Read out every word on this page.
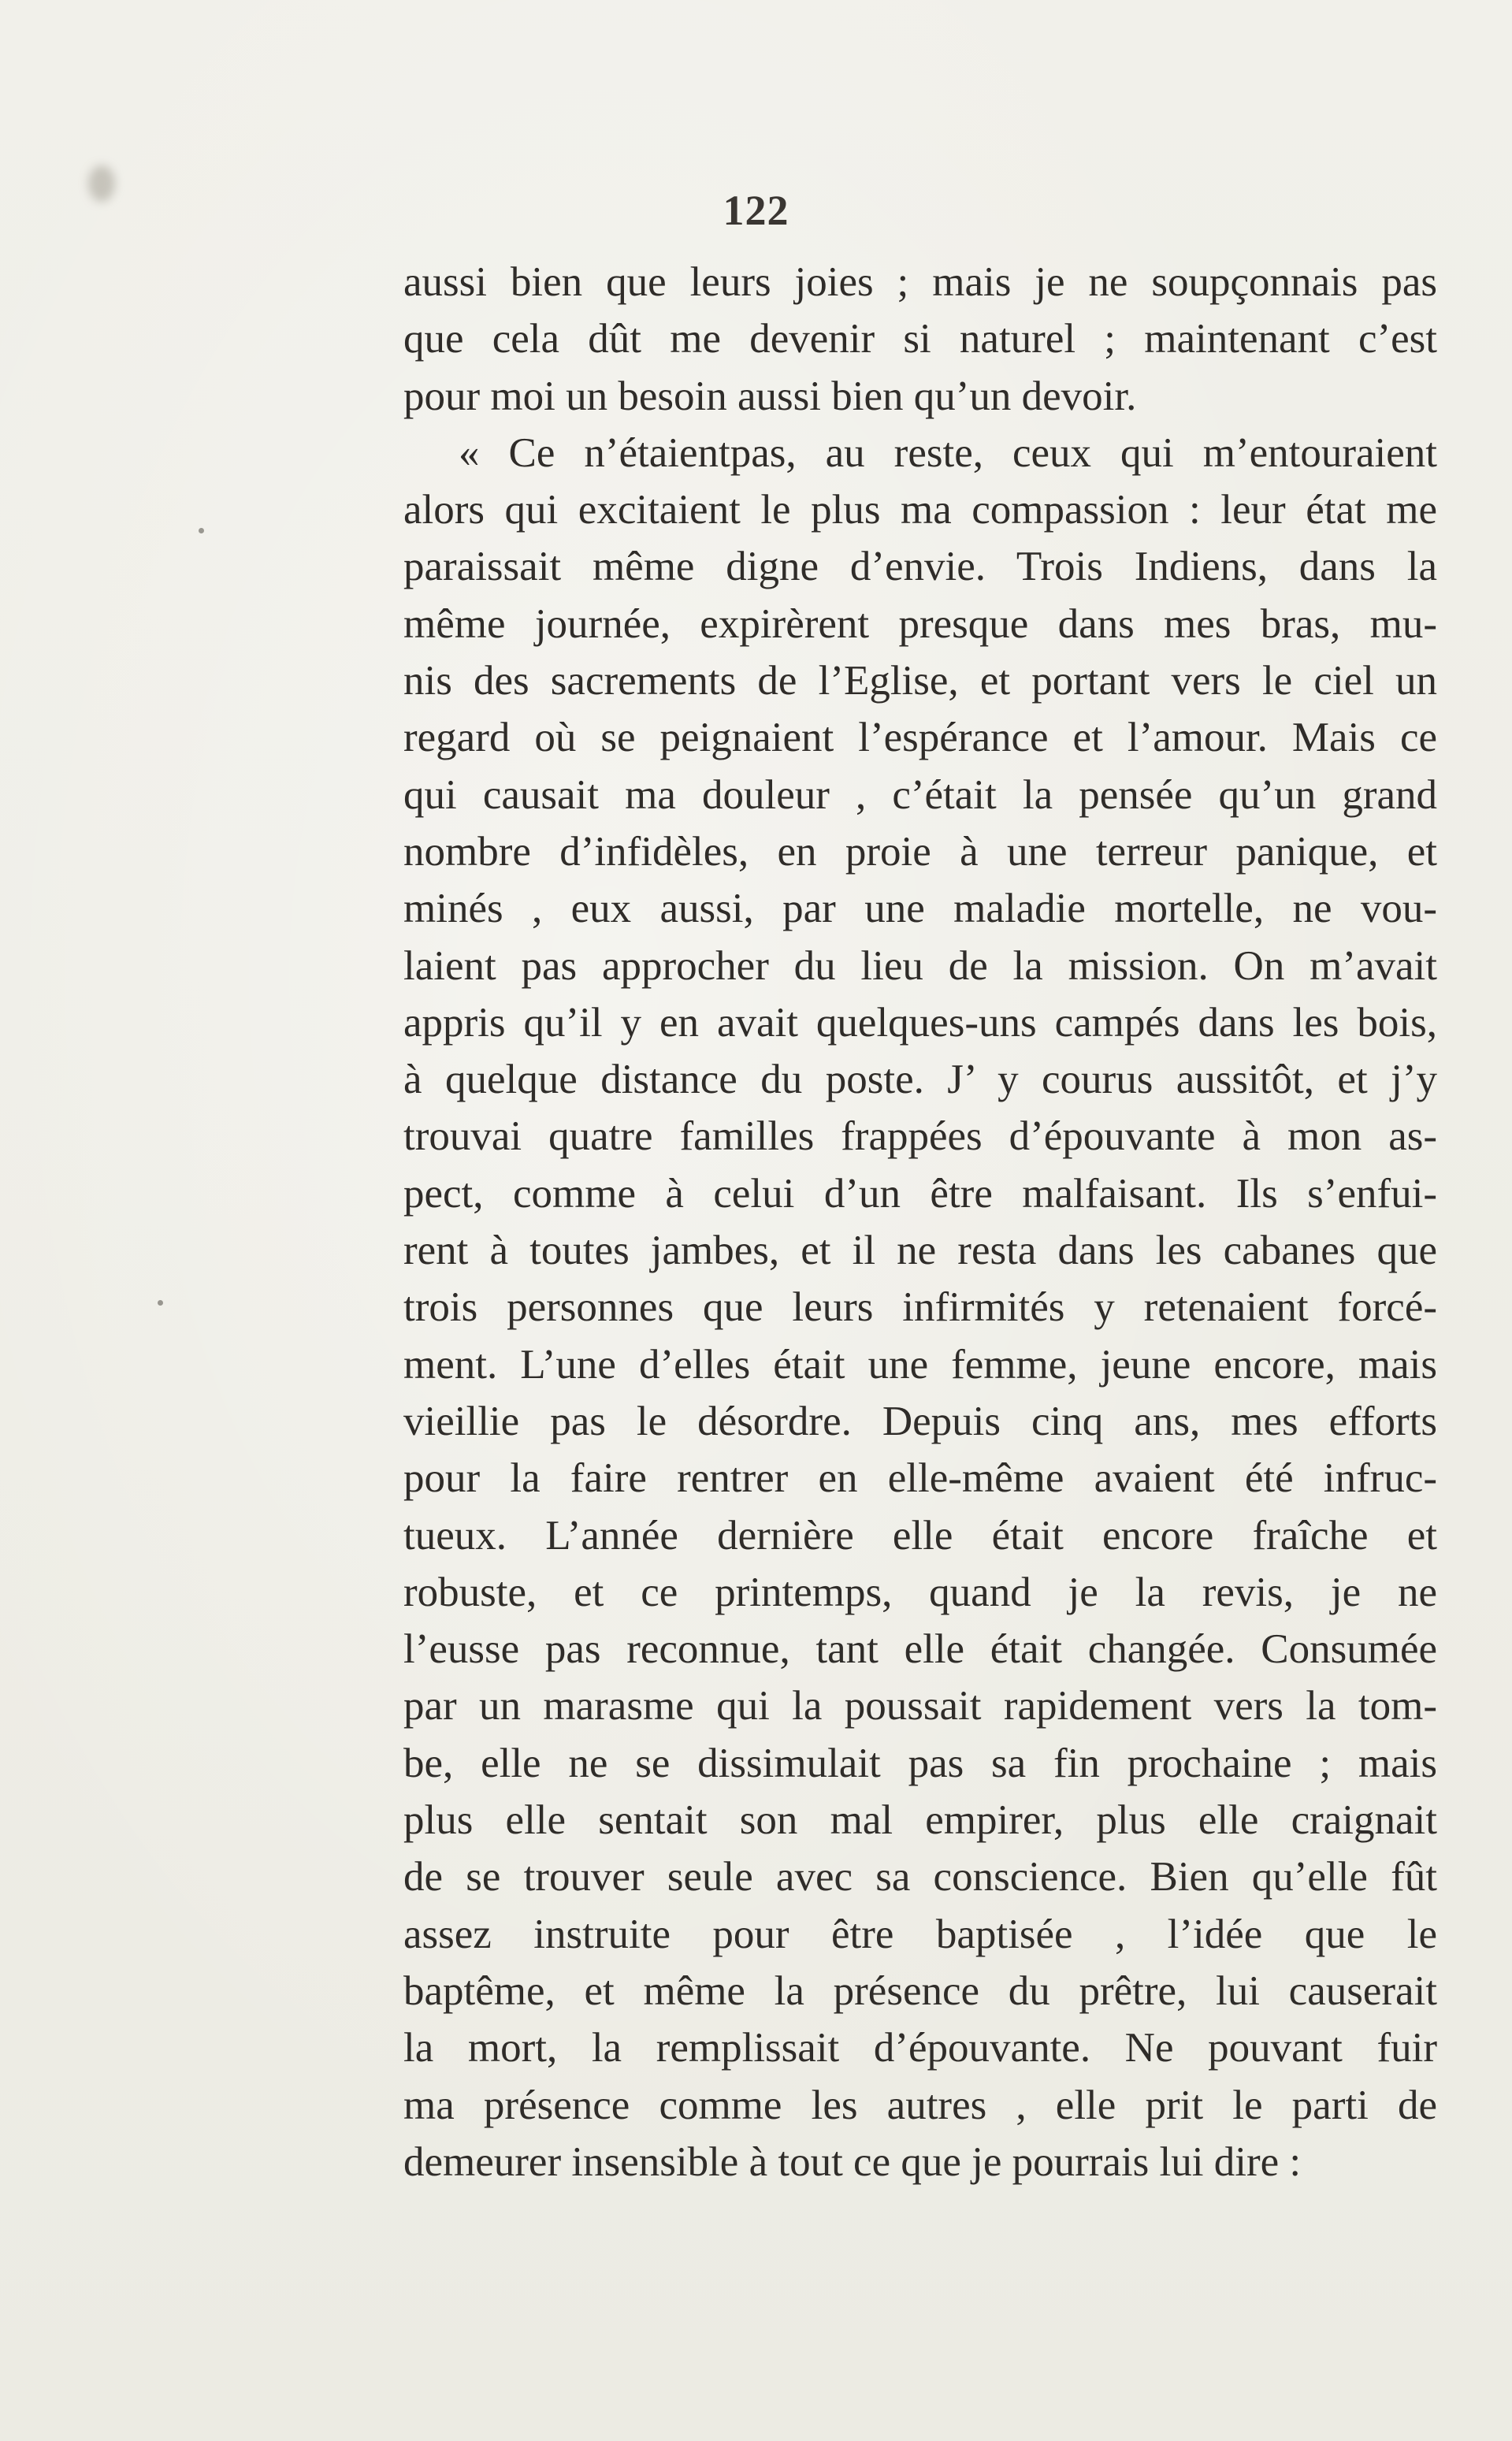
122
aussi bien que leurs joies ; mais je ne soupçonnais pas
que cela dût me devenir si naturel ; maintenant c’est
pour moi un besoin aussi bien qu’un devoir.
« Ce n’étaientpas, au reste, ceux qui m’entouraient
alors qui excitaient le plus ma compassion : leur état me
paraissait même digne d’envie. Trois Indiens, dans la
même journée, expirèrent presque dans mes bras, mu-
nis des sacrements de l’Eglise, et portant vers le ciel un
regard où se peignaient l’espérance et l’amour. Mais ce
qui causait ma douleur , c’était la pensée qu’un grand
nombre d’infidèles, en proie à une terreur panique, et
minés , eux aussi, par une maladie mortelle, ne vou-
laient pas approcher du lieu de la mission. On m’avait
appris qu’il y en avait quelques-uns campés dans les bois,
à quelque distance du poste. J’ y courus aussitôt, et j’y
trouvai quatre familles frappées d’épouvante à mon as-
pect, comme à celui d’un être malfaisant. Ils s’enfui-
rent à toutes jambes, et il ne resta dans les cabanes que
trois personnes que leurs infirmités y retenaient forcé-
ment. L’une d’elles était une femme, jeune encore, mais
vieillie pas le désordre. Depuis cinq ans, mes efforts
pour la faire rentrer en elle-même avaient été infruc-
tueux. L’année dernière elle était encore fraîche et
robuste, et ce printemps, quand je la revis, je ne
l’eusse pas reconnue, tant elle était changée. Consumée
par un marasme qui la poussait rapidement vers la tom-
be, elle ne se dissimulait pas sa fin prochaine ; mais
plus elle sentait son mal empirer, plus elle craignait
de se trouver seule avec sa conscience. Bien qu’elle fût
assez instruite pour être baptisée , l’idée que le
baptême, et même la présence du prêtre, lui causerait
la mort, la remplissait d’épouvante. Ne pouvant fuir
ma présence comme les autres , elle prit le parti de
demeurer insensible à tout ce que je pourrais lui dire :
